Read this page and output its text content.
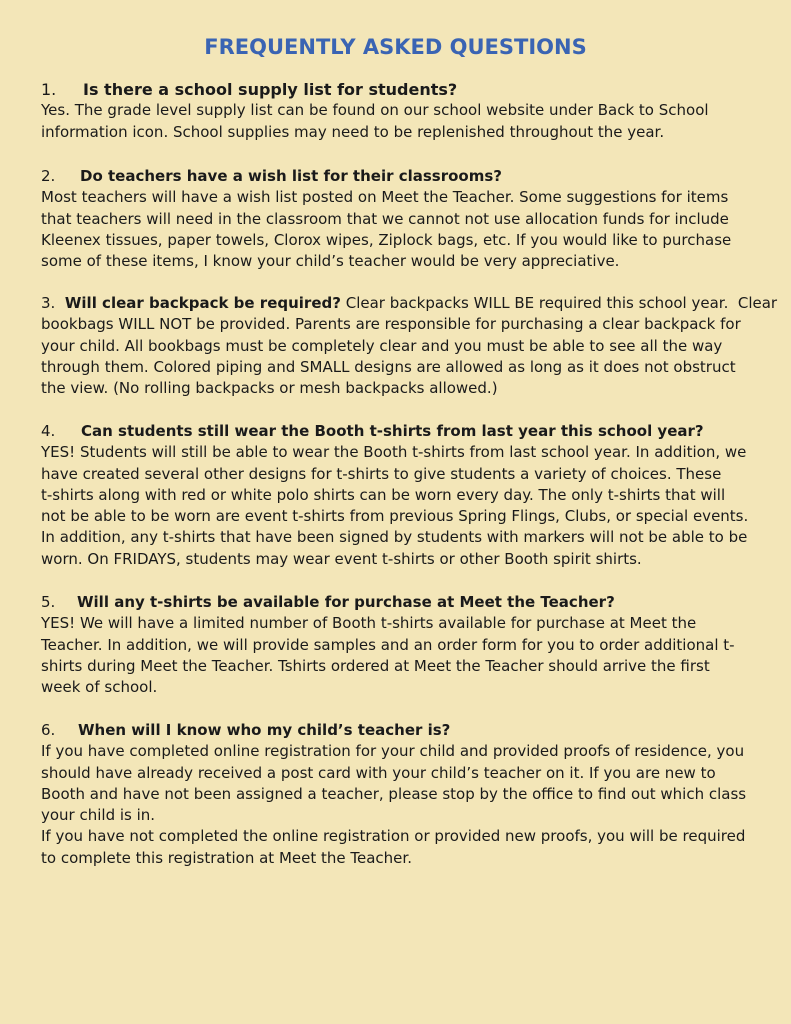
FREQUENTLY ASKED QUESTIONS
1.	Is there a school supply list for students?
Yes. The grade level supply list can be found on our school website under Back to School
information icon. School supplies may need to be replenished throughout the year.
2.	Do teachers have a wish list for their classrooms?
Most teachers will have a wish list posted on Meet the Teacher. Some suggestions for items
that teachers will need in the classroom that we cannot not use allocation funds for include
Kleenex tissues, paper towels, Clorox wipes, Ziplock bags, etc. If you would like to purchase
some of these items, I know your child’s teacher would be very appreciative.
3.
Will clear backpack be required? Clear backpacks WILL BE required this school year.  Clear
bookbags WILL NOT be provided. Parents are responsible for purchasing a clear backpack for
your child. All bookbags must be completely clear and you must be able to see all the way
through them. Colored piping and SMALL designs are allowed as long as it does not obstruct
the view. (No rolling backpacks or mesh backpacks allowed.)
4.	Can students still wear the Booth t-shirts from last year this school year?
YES! Students will still be able to wear the Booth t-shirts from last school year. In addition, we
have created several other designs for t-shirts to give students a variety of choices. These
t-shirts along with red or white polo shirts can be worn every day. The only t-shirts that will
not be able to be worn are event t-shirts from previous Spring Flings, Clubs, or special events.
In addition, any t-shirts that have been signed by students with markers will not be able to be
worn. On FRIDAYS, students may wear event t-shirts or other Booth spirit shirts.
5.	Will any t-shirts be available for purchase at Meet the Teacher?
YES! We will have a limited number of Booth t-shirts available for purchase at Meet the
Teacher. In addition, we will provide samples and an order form for you to order additional t-
shirts during Meet the Teacher. Tshirts ordered at Meet the Teacher should arrive the first
week of school.
6.	When will I know who my child’s teacher is?
If you have completed online registration for your child and provided proofs of residence, you
should have already received a post card with your child’s teacher on it. If you are new to
Booth and have not been assigned a teacher, please stop by the office to find out which class
your child is in.
If you have not completed the online registration or provided new proofs, you will be required
to complete this registration at Meet the Teacher.
